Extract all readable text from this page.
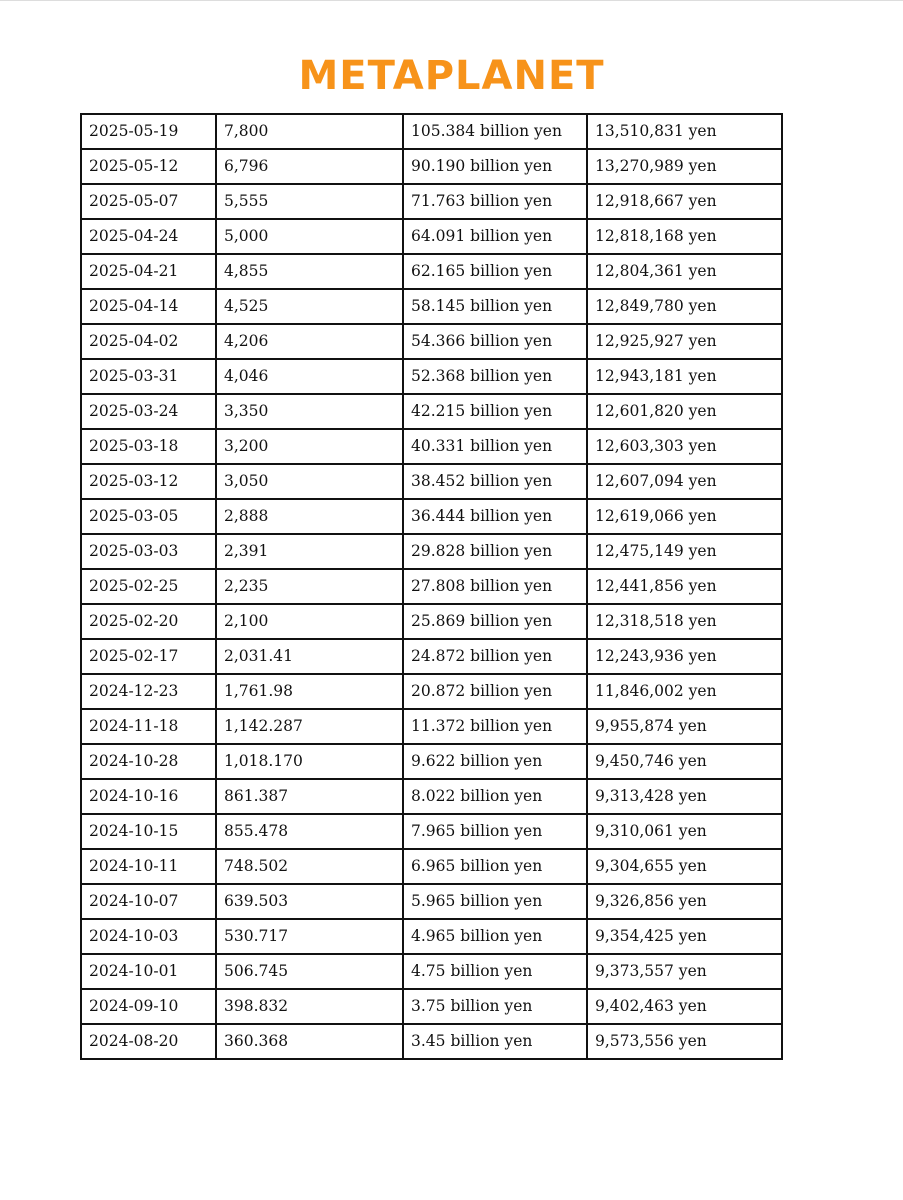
METAPLANET
2025-05-19	7,800	105.384 billion yen	13,510,831 yen
2025-05-12	6,796	90.190 billion yen	13,270,989 yen
2025-05-07	5,555	71.763 billion yen	12,918,667 yen
2025-04-24	5,000	64.091 billion yen	12,818,168 yen
2025-04-21	4,855	62.165 billion yen	12,804,361 yen
2025-04-14	4,525	58.145 billion yen	12,849,780 yen
2025-04-02	4,206	54.366 billion yen	12,925,927 yen
2025-03-31	4,046	52.368 billion yen	12,943,181 yen
2025-03-24	3,350	42.215 billion yen	12,601,820 yen
2025-03-18	3,200	40.331 billion yen	12,603,303 yen
2025-03-12	3,050	38.452 billion yen	12,607,094 yen
2025-03-05	2,888	36.444 billion yen	12,619,066 yen
2025-03-03	2,391	29.828 billion yen	12,475,149 yen
2025-02-25	2,235	27.808 billion yen	12,441,856 yen
2025-02-20	2,100	25.869 billion yen	12,318,518 yen
2025-02-17	2,031.41	24.872 billion yen	12,243,936 yen
2024-12-23	1,761.98	20.872 billion yen	11,846,002 yen
2024-11-18	1,142.287	11.372 billion yen	9,955,874 yen
2024-10-28	1,018.170	9.622 billion yen	9,450,746 yen
2024-10-16	861.387	8.022 billion yen	9,313,428 yen
2024-10-15	855.478	7.965 billion yen	9,310,061 yen
2024-10-11	748.502	6.965 billion yen	9,304,655 yen
2024-10-07	639.503	5.965 billion yen	9,326,856 yen
2024-10-03	530.717	4.965 billion yen	9,354,425 yen
2024-10-01	506.745	4.75 billion yen	9,373,557 yen
2024-09-10	398.832	3.75 billion yen	9,402,463 yen
2024-08-20	360.368	3.45 billion yen	9,573,556 yen
